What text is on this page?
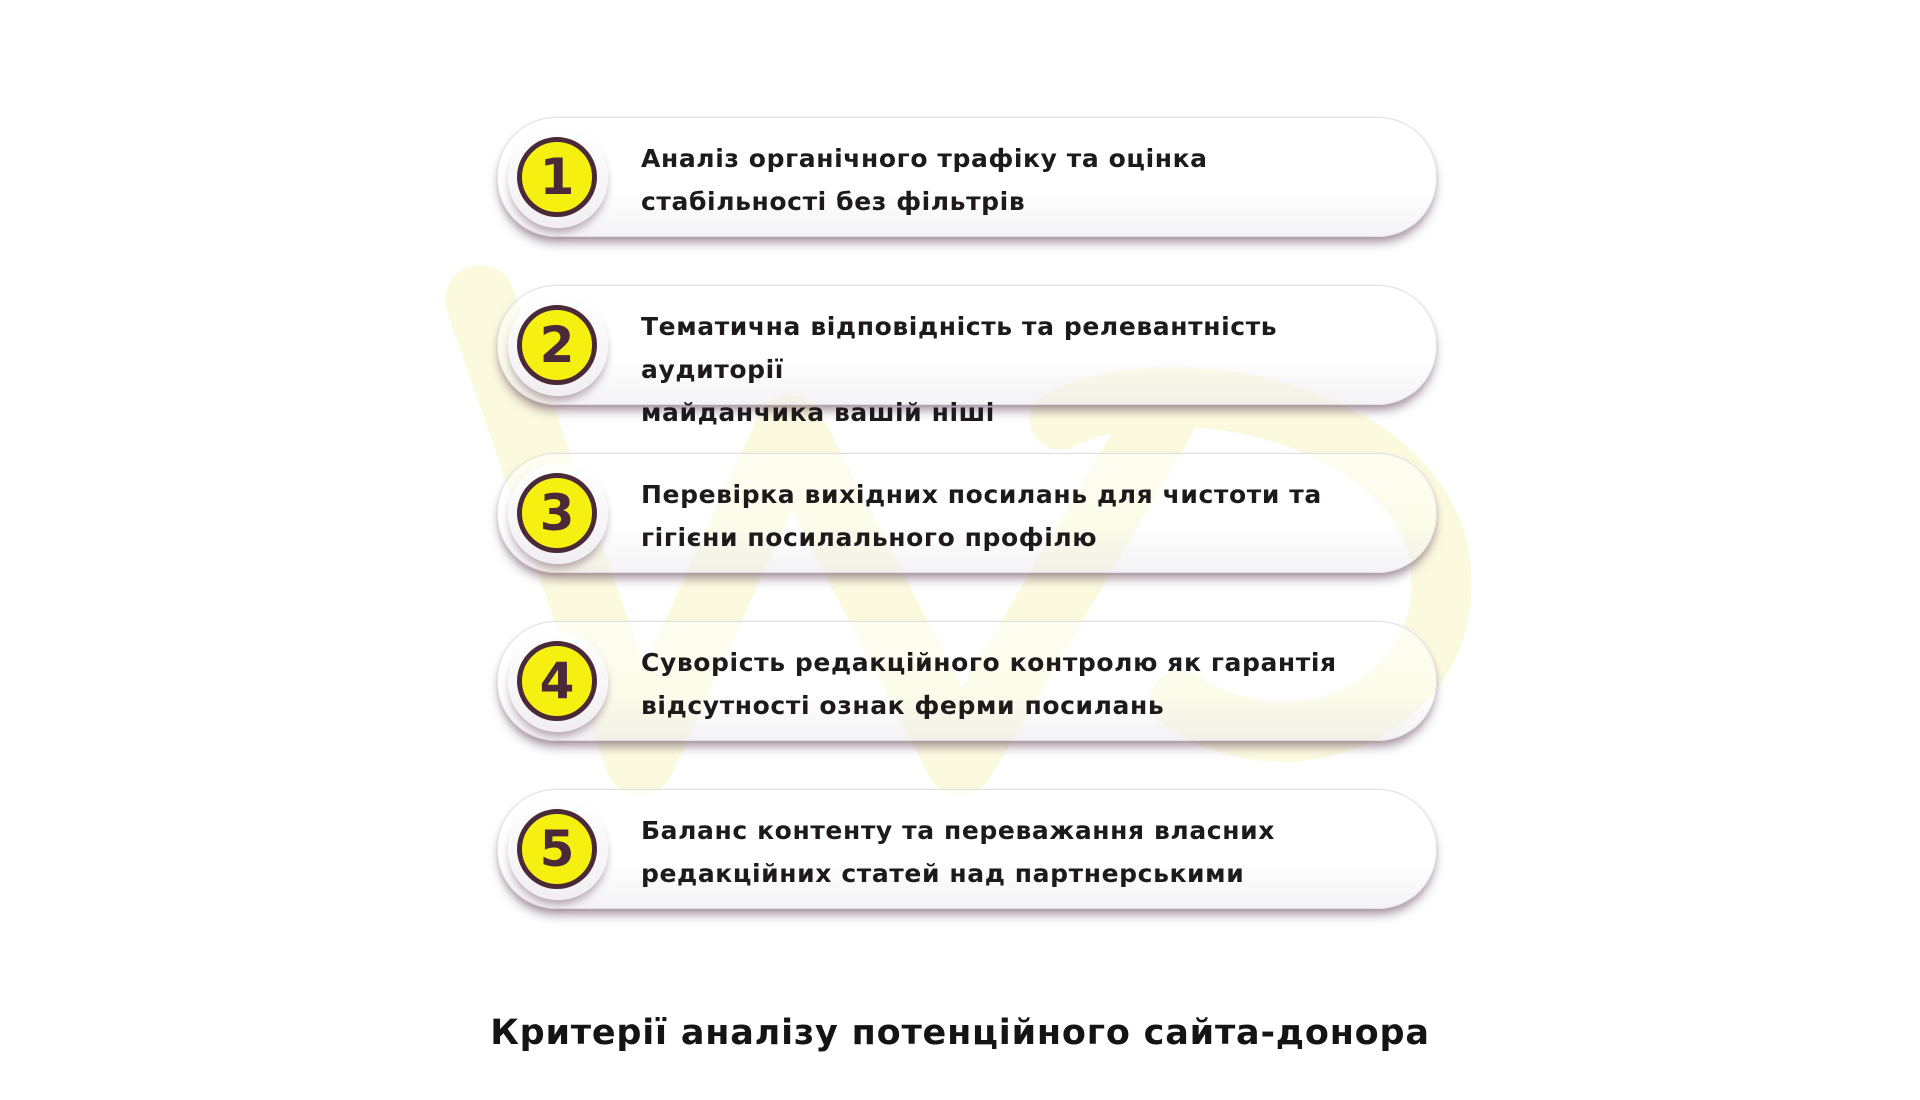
1	Аналіз органічного трафіку та оцінка
стабільності без фільтрів
2	Тематична відповідність та релевантність аудиторії
майданчика вашій ніші
3	Перевірка вихідних посилань для чистоти та
гігієни посилального профілю
4	Суворість редакційного контролю як гарантія
відсутності ознак ферми посилань
5	Баланс контенту та переважання власних
редакційних статей над партнерськими
Критерії аналізу потенційного сайта-донора
